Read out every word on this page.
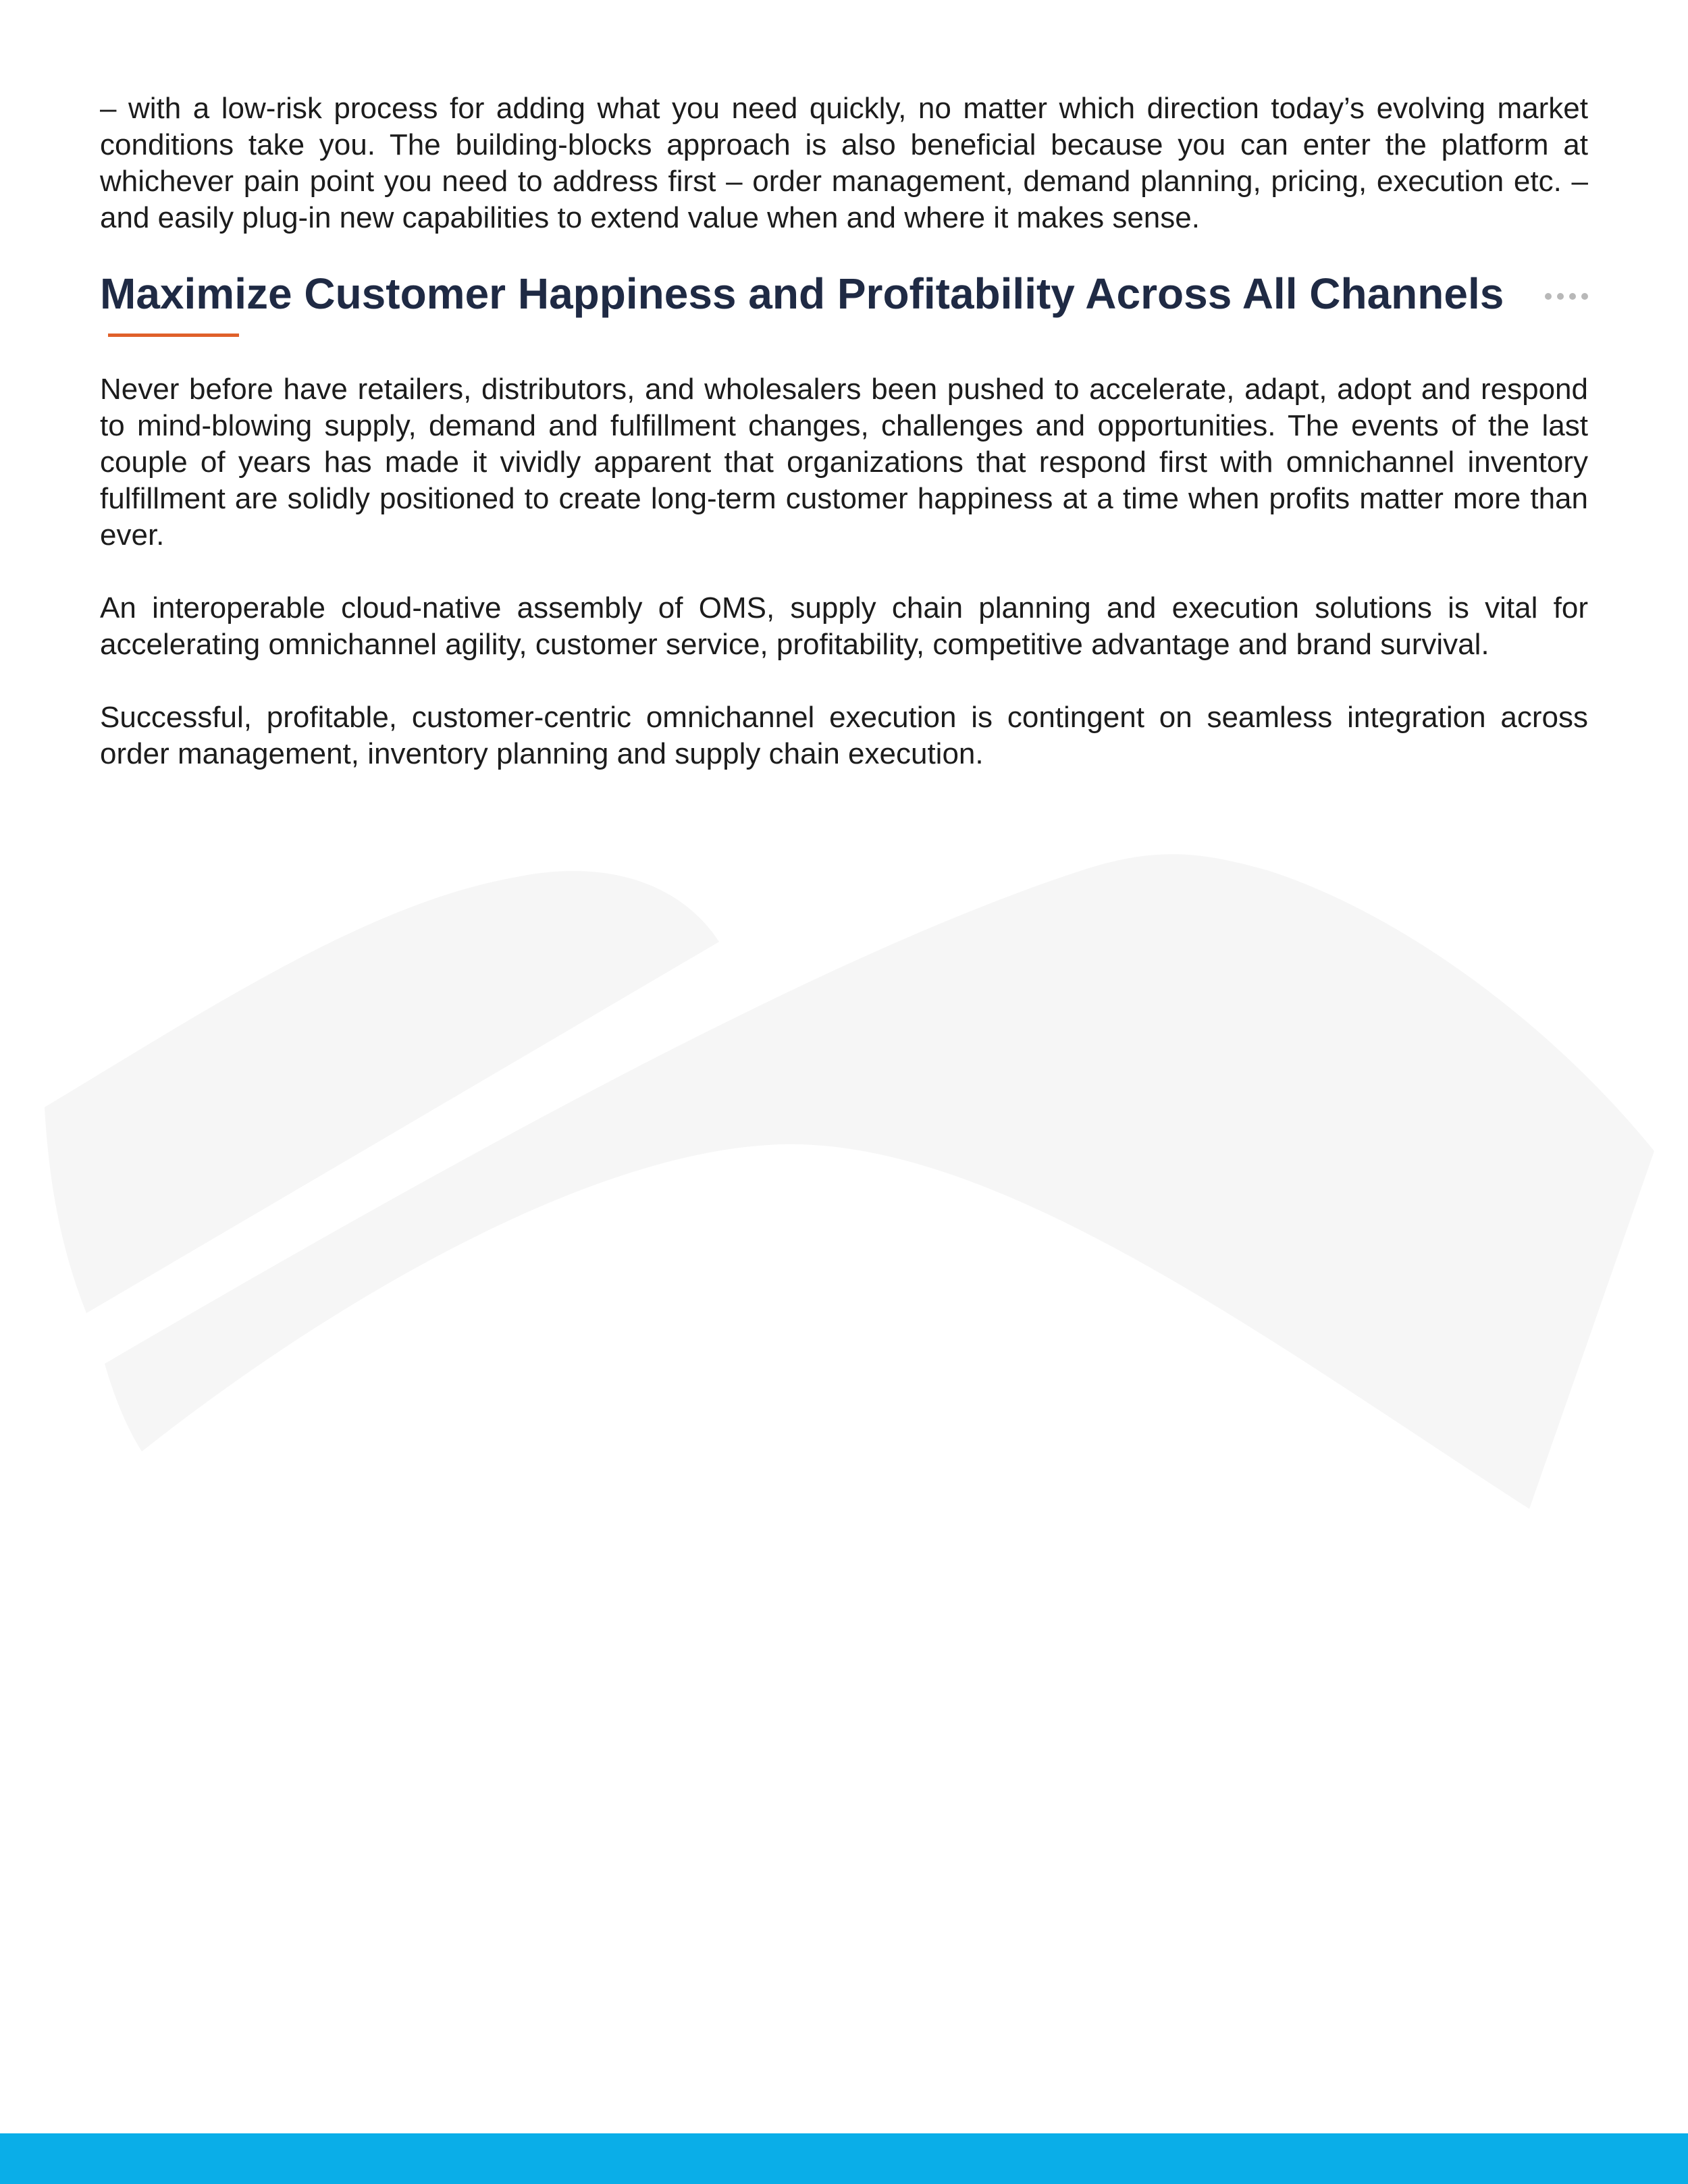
– with a low-risk process for adding what you need quickly, no matter which direction today’s evolving market conditions take you. The building-blocks approach is also beneficial because you can enter the platform at whichever pain point you need to address first – order management, demand planning, pricing, execution etc. – and easily plug-in new capabilities to extend value when and where it makes sense.

Maximize Customer Happiness and Profitability Across All Channels

Never before have retailers, distributors, and wholesalers been pushed to accelerate, adapt, adopt and respond to mind-blowing supply, demand and fulfillment changes, challenges and opportunities. The events of the last couple of years has made it vividly apparent that organizations that respond first with omnichannel inventory fulfillment are solidly positioned to create long-term customer happiness at a time when profits matter more than ever.

An interoperable cloud-native assembly of OMS, supply chain planning and execution solutions is vital for accelerating omnichannel agility, customer service, profitability, competitive advantage and brand survival.

Successful, profitable, customer-centric omnichannel execution is contingent on seamless integration across order management, inventory planning and supply chain execution.
